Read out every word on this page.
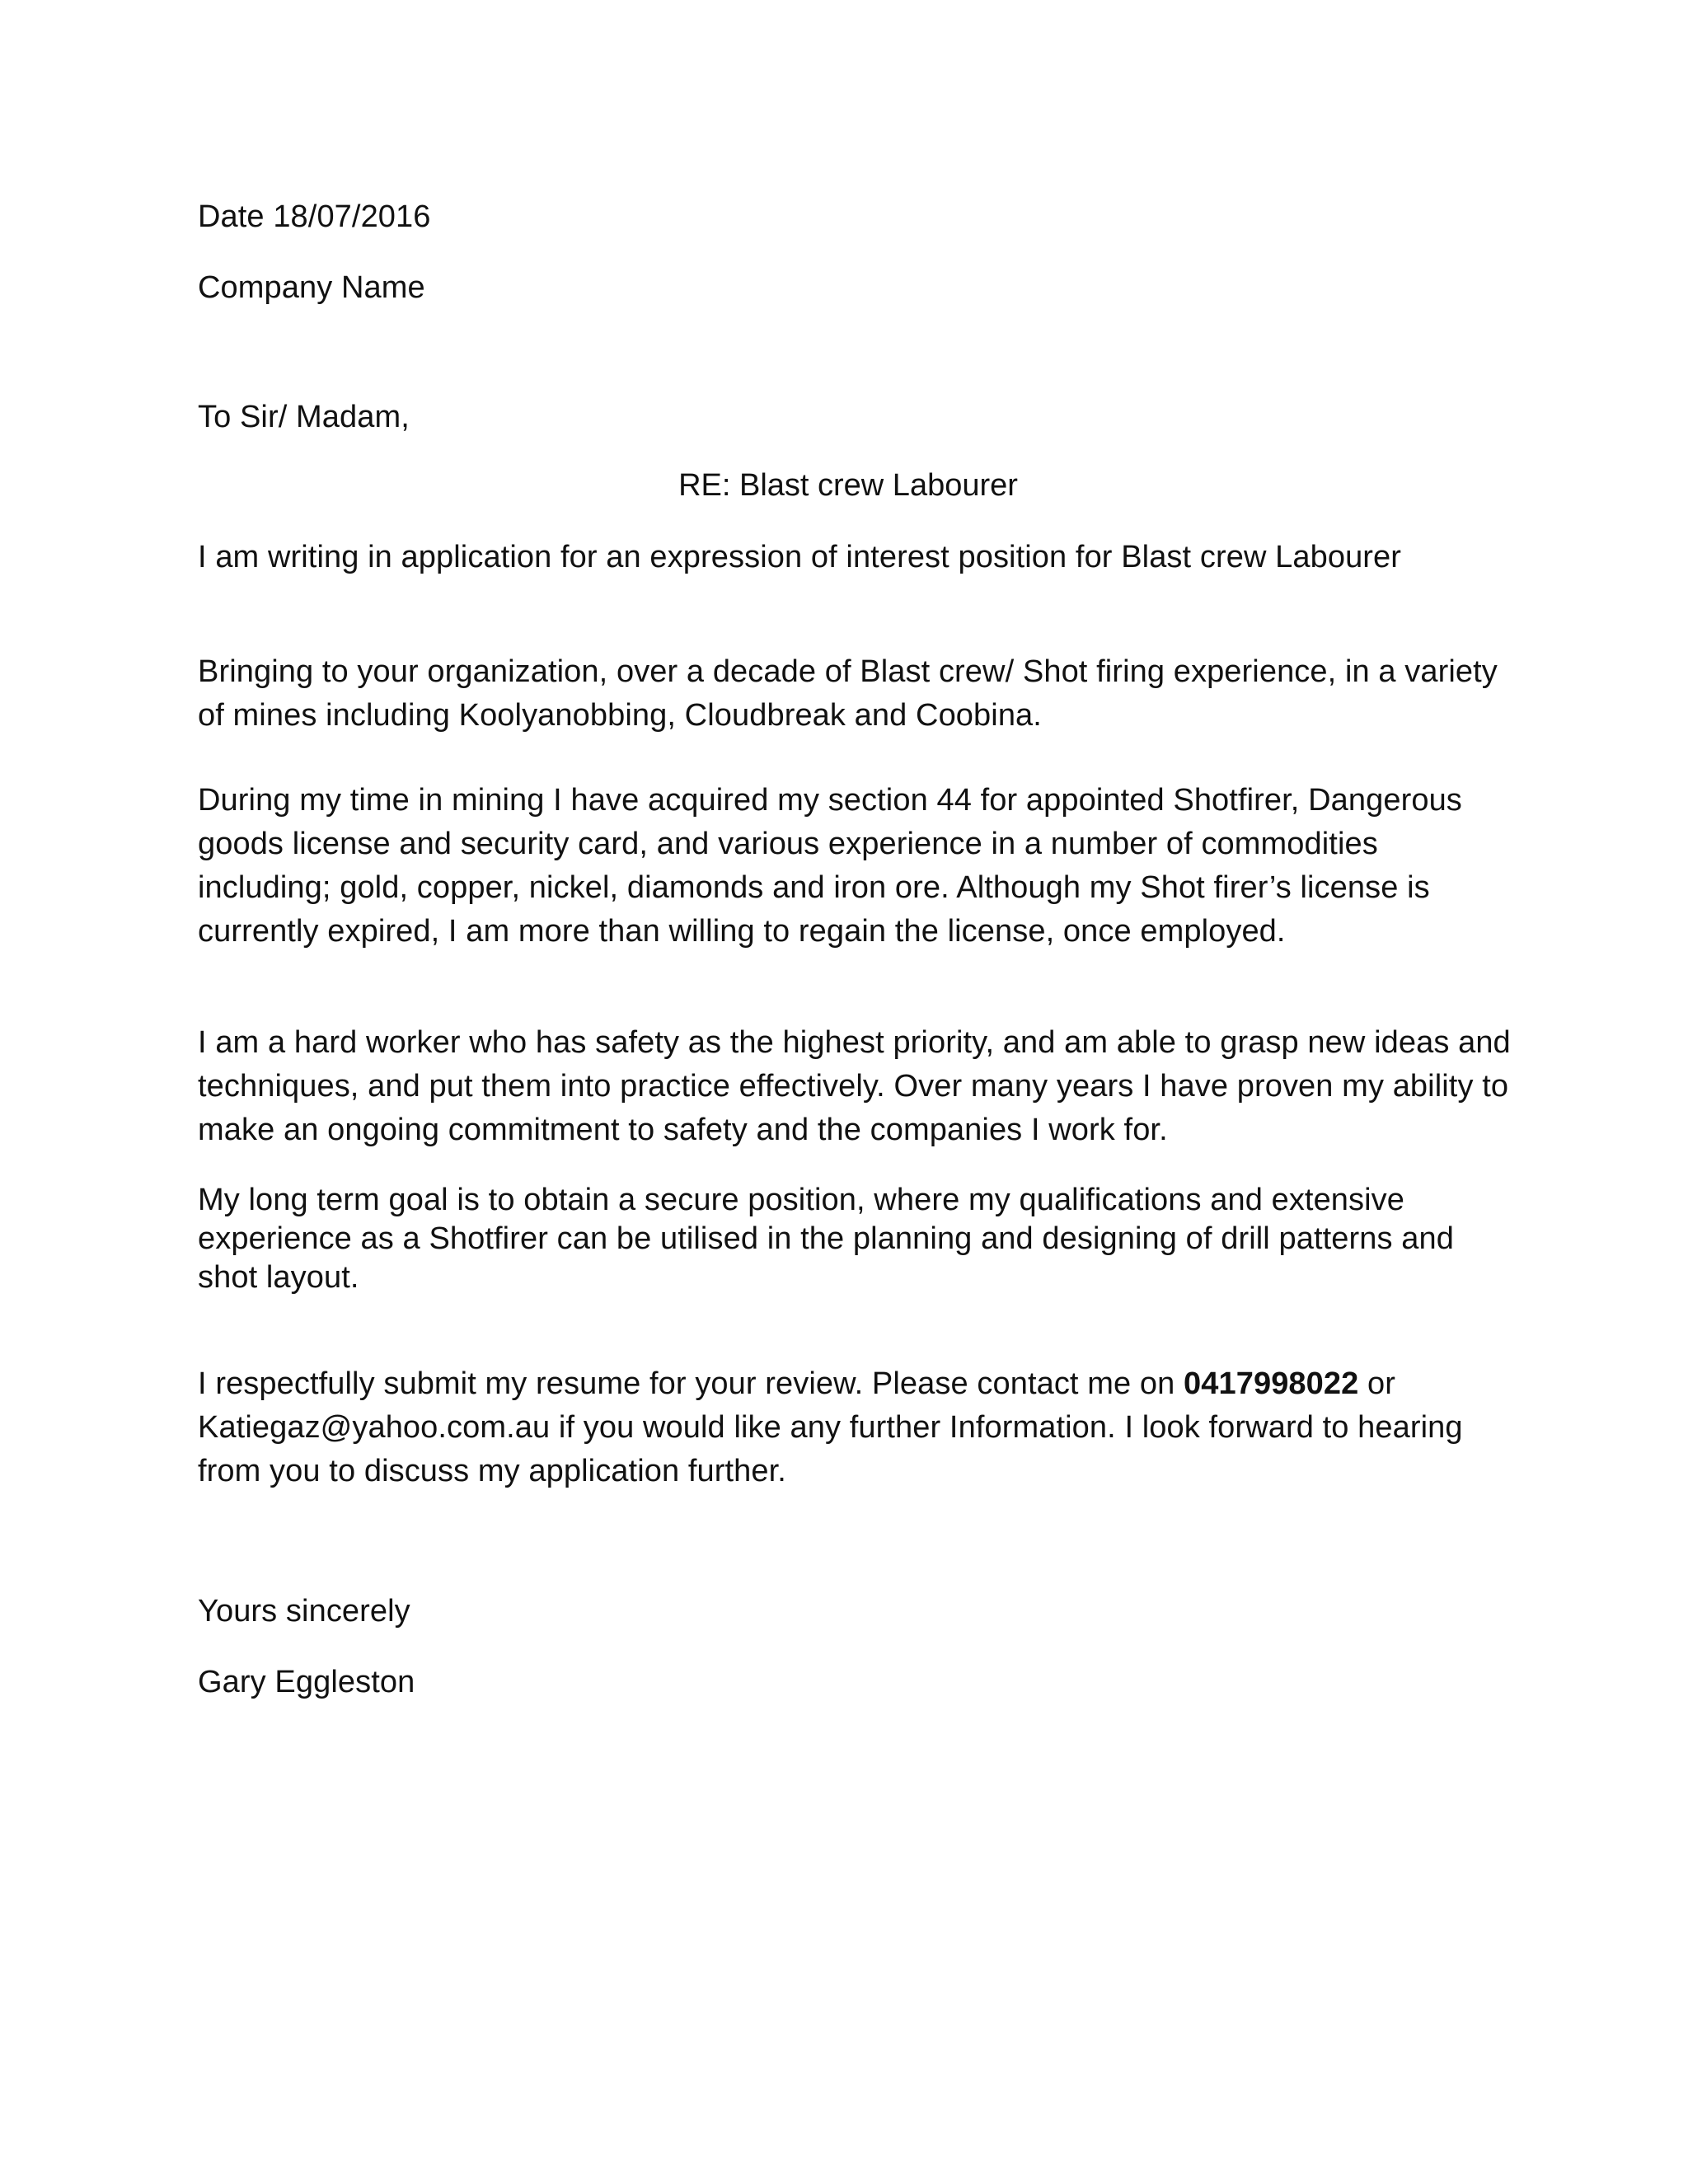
Date 18/07/2016
Company Name
To Sir/ Madam,
RE: Blast crew Labourer
I am writing in application for an expression of interest position for Blast crew Labourer
Bringing to your organization, over a decade of Blast crew/ Shot firing experience, in a variety of mines including Koolyanobbing, Cloudbreak and Coobina.
During my time in mining I have acquired my section 44 for appointed Shotfirer, Dangerous goods license and security card, and various experience in a number of commodities including; gold, copper, nickel, diamonds and iron ore. Although my Shot firer’s license is currently expired, I am more than willing to regain the license, once employed.
I am a hard worker who has safety as the highest priority, and am able to grasp new ideas and techniques, and put them into practice effectively. Over many years I have proven my ability to make an ongoing commitment to safety and the companies I work for.
My long term goal is to obtain a secure position, where my qualifications and extensive experience as a Shotfirer can be utilised in the planning and designing of drill patterns and shot layout.
I respectfully submit my resume for your review. Please contact me on 0417998022 or Katiegaz@yahoo.com.au if you would like any further Information. I look forward to hearing from you to discuss my application further.
Yours sincerely
Gary Eggleston
